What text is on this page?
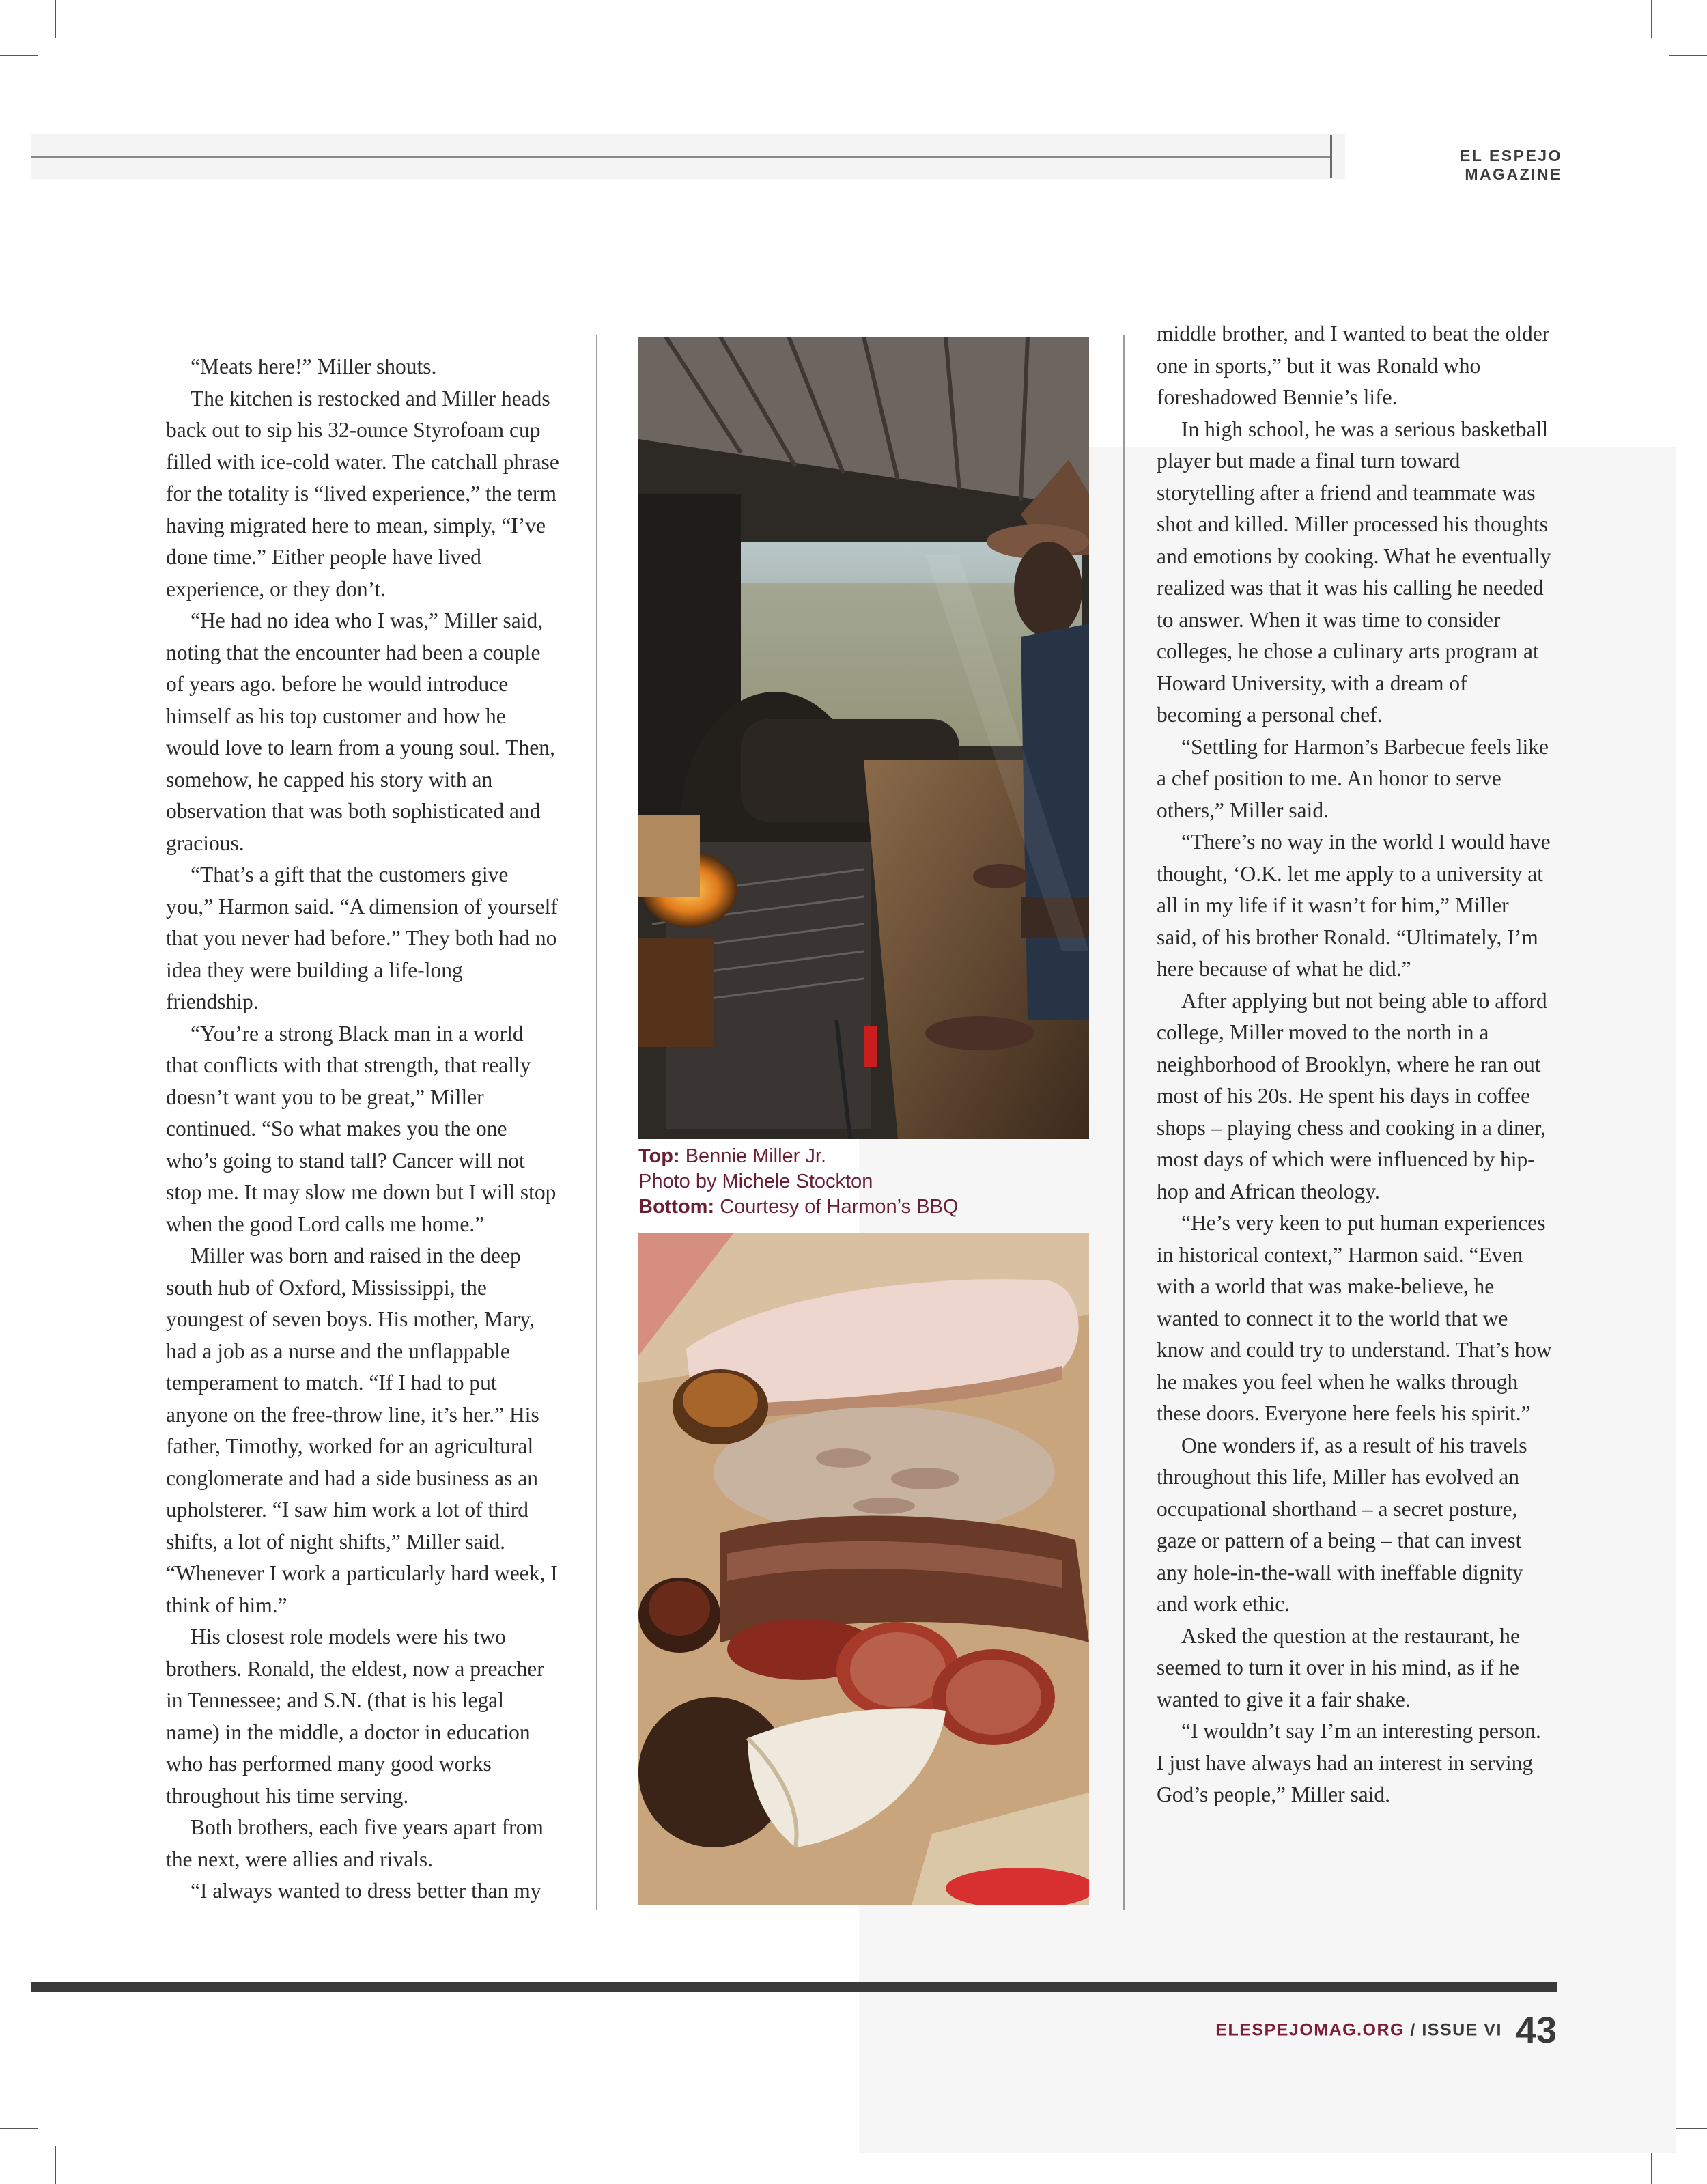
EL ESPEJO MAGAZINE

“Meats here!” Miller shouts.

The kitchen is restocked and Miller heads back out to sip his 32-ounce Styrofoam cup filled with ice-cold water. The catchall phrase for the totality is “lived experience,” the term having migrated here to mean, simply, “I’ve done time.” Either people have lived experience, or they don’t.

“He had no idea who I was,” Miller said, noting that the encounter had been a couple of years ago. before he would introduce himself as his top customer and how he would love to learn from a young soul. Then, somehow, he capped his story with an observation that was both sophisticated and gracious.

“That’s a gift that the customers give you,” Harmon said. “A dimension of yourself that you never had before.” They both had no idea they were building a life-long friendship.

“You’re a strong Black man in a world that conflicts with that strength, that really doesn’t want you to be great,” Miller continued. “So what makes you the one who’s going to stand tall? Cancer will not stop me. It may slow me down but I will stop when the good Lord calls me home.”

Miller was born and raised in the deep south hub of Oxford, Mississippi, the youngest of seven boys. His mother, Mary, had a job as a nurse and the unflappable temperament to match. “If I had to put anyone on the free-throw line, it’s her.” His father, Timothy, worked for an agricultural conglomerate and had a side business as an upholsterer. “I saw him work a lot of third shifts, a lot of night shifts,” Miller said. “Whenever I work a particularly hard week, I think of him.”

His closest role models were his two brothers. Ronald, the eldest, now a preacher in Tennessee; and S.N. (that is his legal name) in the middle, a doctor in education who has performed many good works throughout his time serving.

Both brothers, each five years apart from the next, were allies and rivals.

“I always wanted to dress better than my

Top: Bennie Miller Jr.
Photo by Michele Stockton
Bottom: Courtesy of Harmon’s BBQ

middle brother, and I wanted to beat the older one in sports,” but it was Ronald who foreshadowed Bennie’s life.

In high school, he was a serious basketball player but made a final turn toward storytelling after a friend and teammate was shot and killed. Miller processed his thoughts and emotions by cooking. What he eventually realized was that it was his calling he needed to answer. When it was time to consider colleges, he chose a culinary arts program at Howard University, with a dream of becoming a personal chef.

“Settling for Harmon’s Barbecue feels like a chef position to me. An honor to serve others,” Miller said.

“There’s no way in the world I would have thought, ‘O.K. let me apply to a university at all in my life if it wasn’t for him,” Miller said, of his brother Ronald. “Ultimately, I’m here because of what he did.”

After applying but not being able to afford college, Miller moved to the north in a neighborhood of Brooklyn, where he ran out most of his 20s. He spent his days in coffee shops – playing chess and cooking in a diner, most days of which were influenced by hip-hop and African theology.

“He’s very keen to put human experiences in historical context,” Harmon said. “Even with a world that was make-believe, he wanted to connect it to the world that we know and could try to understand. That’s how he makes you feel when he walks through these doors. Everyone here feels his spirit.”

One wonders if, as a result of his travels throughout this life, Miller has evolved an occupational shorthand – a secret posture, gaze or pattern of a being – that can invest any hole-in-the-wall with ineffable dignity and work ethic.

Asked the question at the restaurant, he seemed to turn it over in his mind, as if he wanted to give it a fair shake.

“I wouldn’t say I’m an interesting person. I just have always had an interest in serving God’s people,” Miller said.

ELESPEJOMAG.ORG / ISSUE VI 43
